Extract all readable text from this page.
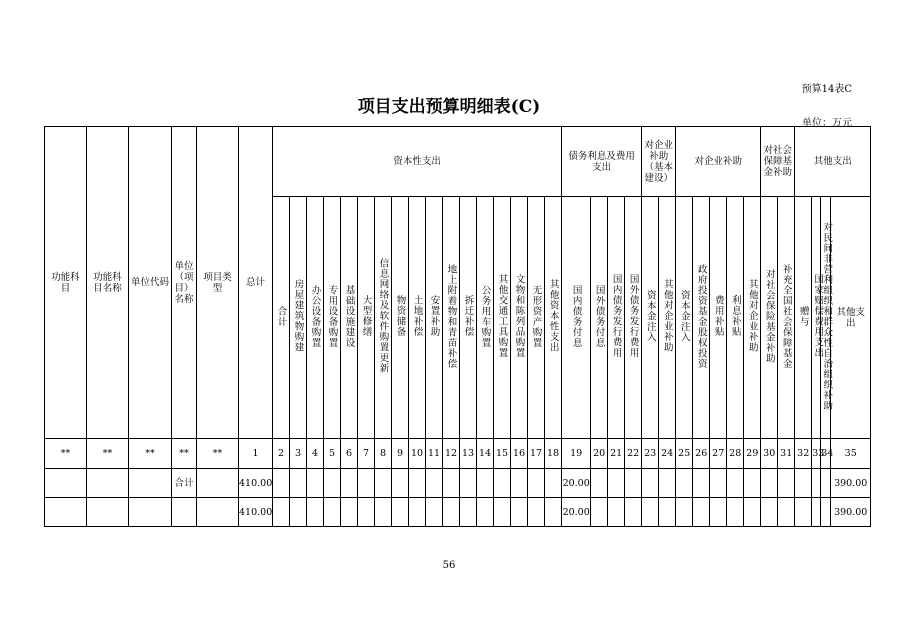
预算14表C
项目支出预算明细表(C)
单位：万元
功能科目	功能科目名称	单位代码	单位（项目）名称	项目类型	总计	资本性支出																	债务利息及费用支出				对企业补助（基本建设）		对企业补助					对社会保障基金补助		其他支出			
						合计	房屋建筑物购建	办公设备购置	专用设备购置	基础设施建设	大型修缮	信息网络及软件购置更新	物资储备	土地补偿	安置补助	地上附着物和青苗补偿	拆迁补偿	公务用车购置	其他交通工具购置	文物和陈列品购置	无形资产购置	其他资本性支出	国内债务付息	国外债务付息	国内债务发行费用	国外债务发行费用	资本金注入	其他对企业补助	资本金注入	政府投资基金股权投资	费用补贴	利息补贴	其他对企业补助	对社会保险基金补助	补充全国社会保障基金	赠与	国家赔偿费用支出	对民间非营利组织和群众性自治组织补助	其他支出

**	**	**	**	**	1	2	3	4	5	6	7	8	9	10	11	12	13	14	15	16	17	18	19	20	21	22	23	24	25	26	27	28	29	30	31	32	33	34	35
			合计		410.00																		20.00																390.00
					410.00																		20.00																390.00
56
